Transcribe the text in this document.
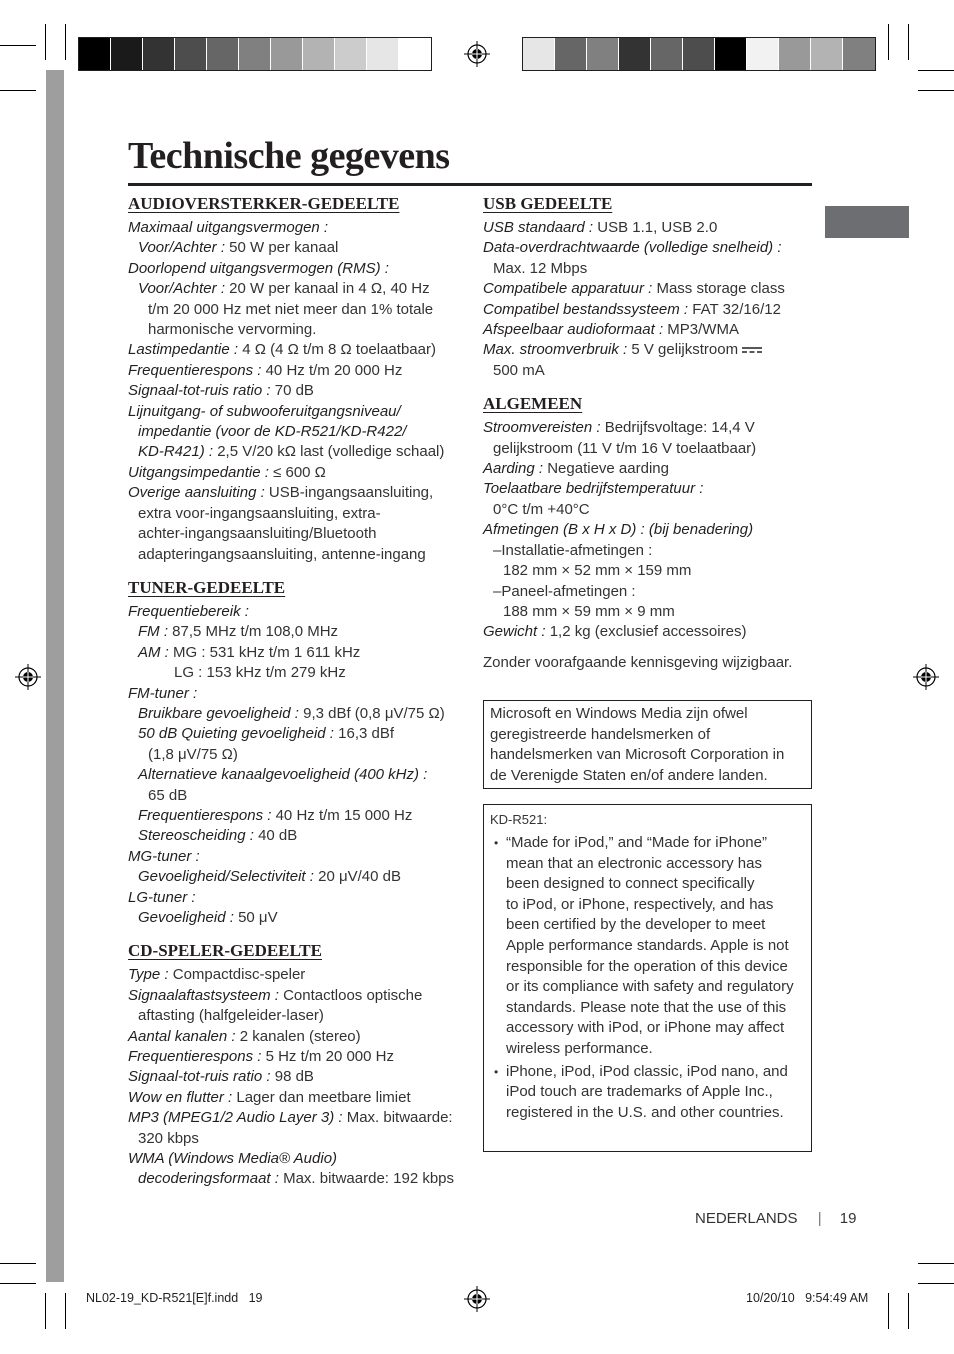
Technische gegevens
AUDIOVERSTERKER-GEDEELTE
Maximaal uitgangsvermogen :
Voor/Achter : 50 W per kanaal
Doorlopend uitgangsvermogen (RMS) :
Voor/Achter : 20 W per kanaal in 4 Ω, 40 Hz
t/m 20 000 Hz met niet meer dan 1% totale
harmonische vervorming.
Lastimpedantie : 4 Ω (4 Ω t/m 8 Ω toelaatbaar)
Frequentierespons : 40 Hz t/m 20 000 Hz
Signaal-tot-ruis ratio : 70 dB
Lijnuitgang- of subwooferuitgangsniveau/
impedantie (voor de KD-R521/KD-R422/
KD-R421) : 2,5 V/20 kΩ last (volledige schaal)
Uitgangsimpedantie : ≤ 600 Ω
Overige aansluiting : USB-ingangsaansluiting,
extra voor-ingangsaansluiting, extra-
achter-ingangsaansluiting/Bluetooth
adapteringangsaansluiting, antenne-ingang
TUNER-GEDEELTE
Frequentiebereik :
FM : 87,5 MHz t/m 108,0 MHz
AM : MG : 531 kHz t/m 1 611 kHz
LG : 153 kHz t/m 279 kHz
FM-tuner :
Bruikbare gevoeligheid : 9,3 dBf (0,8 μV/75 Ω)
50 dB Quieting gevoeligheid : 16,3 dBf
(1,8 μV/75 Ω)
Alternatieve kanaalgevoeligheid (400 kHz) :
65 dB
Frequentierespons : 40 Hz t/m 15 000 Hz
Stereoscheiding : 40 dB
MG-tuner :
Gevoeligheid/Selectiviteit : 20 μV/40 dB
LG-tuner :
Gevoeligheid : 50 μV
CD-SPELER-GEDEELTE
Type : Compactdisc-speler
Signaalaftastsysteem : Contactloos optische
aftasting (halfgeleider-laser)
Aantal kanalen : 2 kanalen (stereo)
Frequentierespons : 5 Hz t/m 20 000 Hz
Signaal-tot-ruis ratio : 98 dB
Wow en flutter : Lager dan meetbare limiet
MP3 (MPEG1/2 Audio Layer 3) : Max. bitwaarde:
320 kbps
WMA (Windows Media® Audio)
decoderingsformaat : Max. bitwaarde: 192 kbps
USB GEDEELTE
USB standaard : USB 1.1, USB 2.0
Data-overdrachtwaarde (volledige snelheid) :
Max. 12 Mbps
Compatibele apparatuur : Mass storage class
Compatibel bestandssysteem : FAT 32/16/12
Afspeelbaar audioformaat : MP3/WMA
Max. stroomverbruik : 5 V gelijkstroom
500 mA
ALGEMEEN
Stroomvereisten : Bedrijfsvoltage: 14,4 V
gelijkstroom (11 V t/m 16 V toelaatbaar)
Aarding : Negatieve aarding
Toelaatbare bedrijfstemperatuur :
0°C t/m +40°C
Afmetingen (B x H x D) : (bij benadering)
–Installatie-afmetingen :
182 mm × 52 mm × 159 mm
–Paneel-afmetingen :
188 mm × 59 mm × 9 mm
Gewicht : 1,2 kg (exclusief accessoires)
Zonder voorafgaande kennisgeving wijzigbaar.
Microsoft en Windows Media zijn ofwel
geregistreerde handelsmerken of
handelsmerken van Microsoft Corporation in
de Verenigde Staten en/of andere landen.
KD-R521:
• “Made for iPod,” and “Made for iPhone”
mean that an electronic accessory has
been designed to connect specifically
to iPod, or iPhone, respectively, and has
been certified by the developer to meet
Apple performance standards. Apple is not
responsible for the operation of this device
or its compliance with safety and regulatory
standards. Please note that the use of this
accessory with iPod, or iPhone may affect
wireless performance.
• iPhone, iPod, iPod classic, iPod nano, and
iPod touch are trademarks of Apple Inc.,
registered in the U.S. and other countries.
NEDERLANDS | 19
NL02-19_KD-R521[E]f.indd   19	10/20/10   9:54:49 AM
